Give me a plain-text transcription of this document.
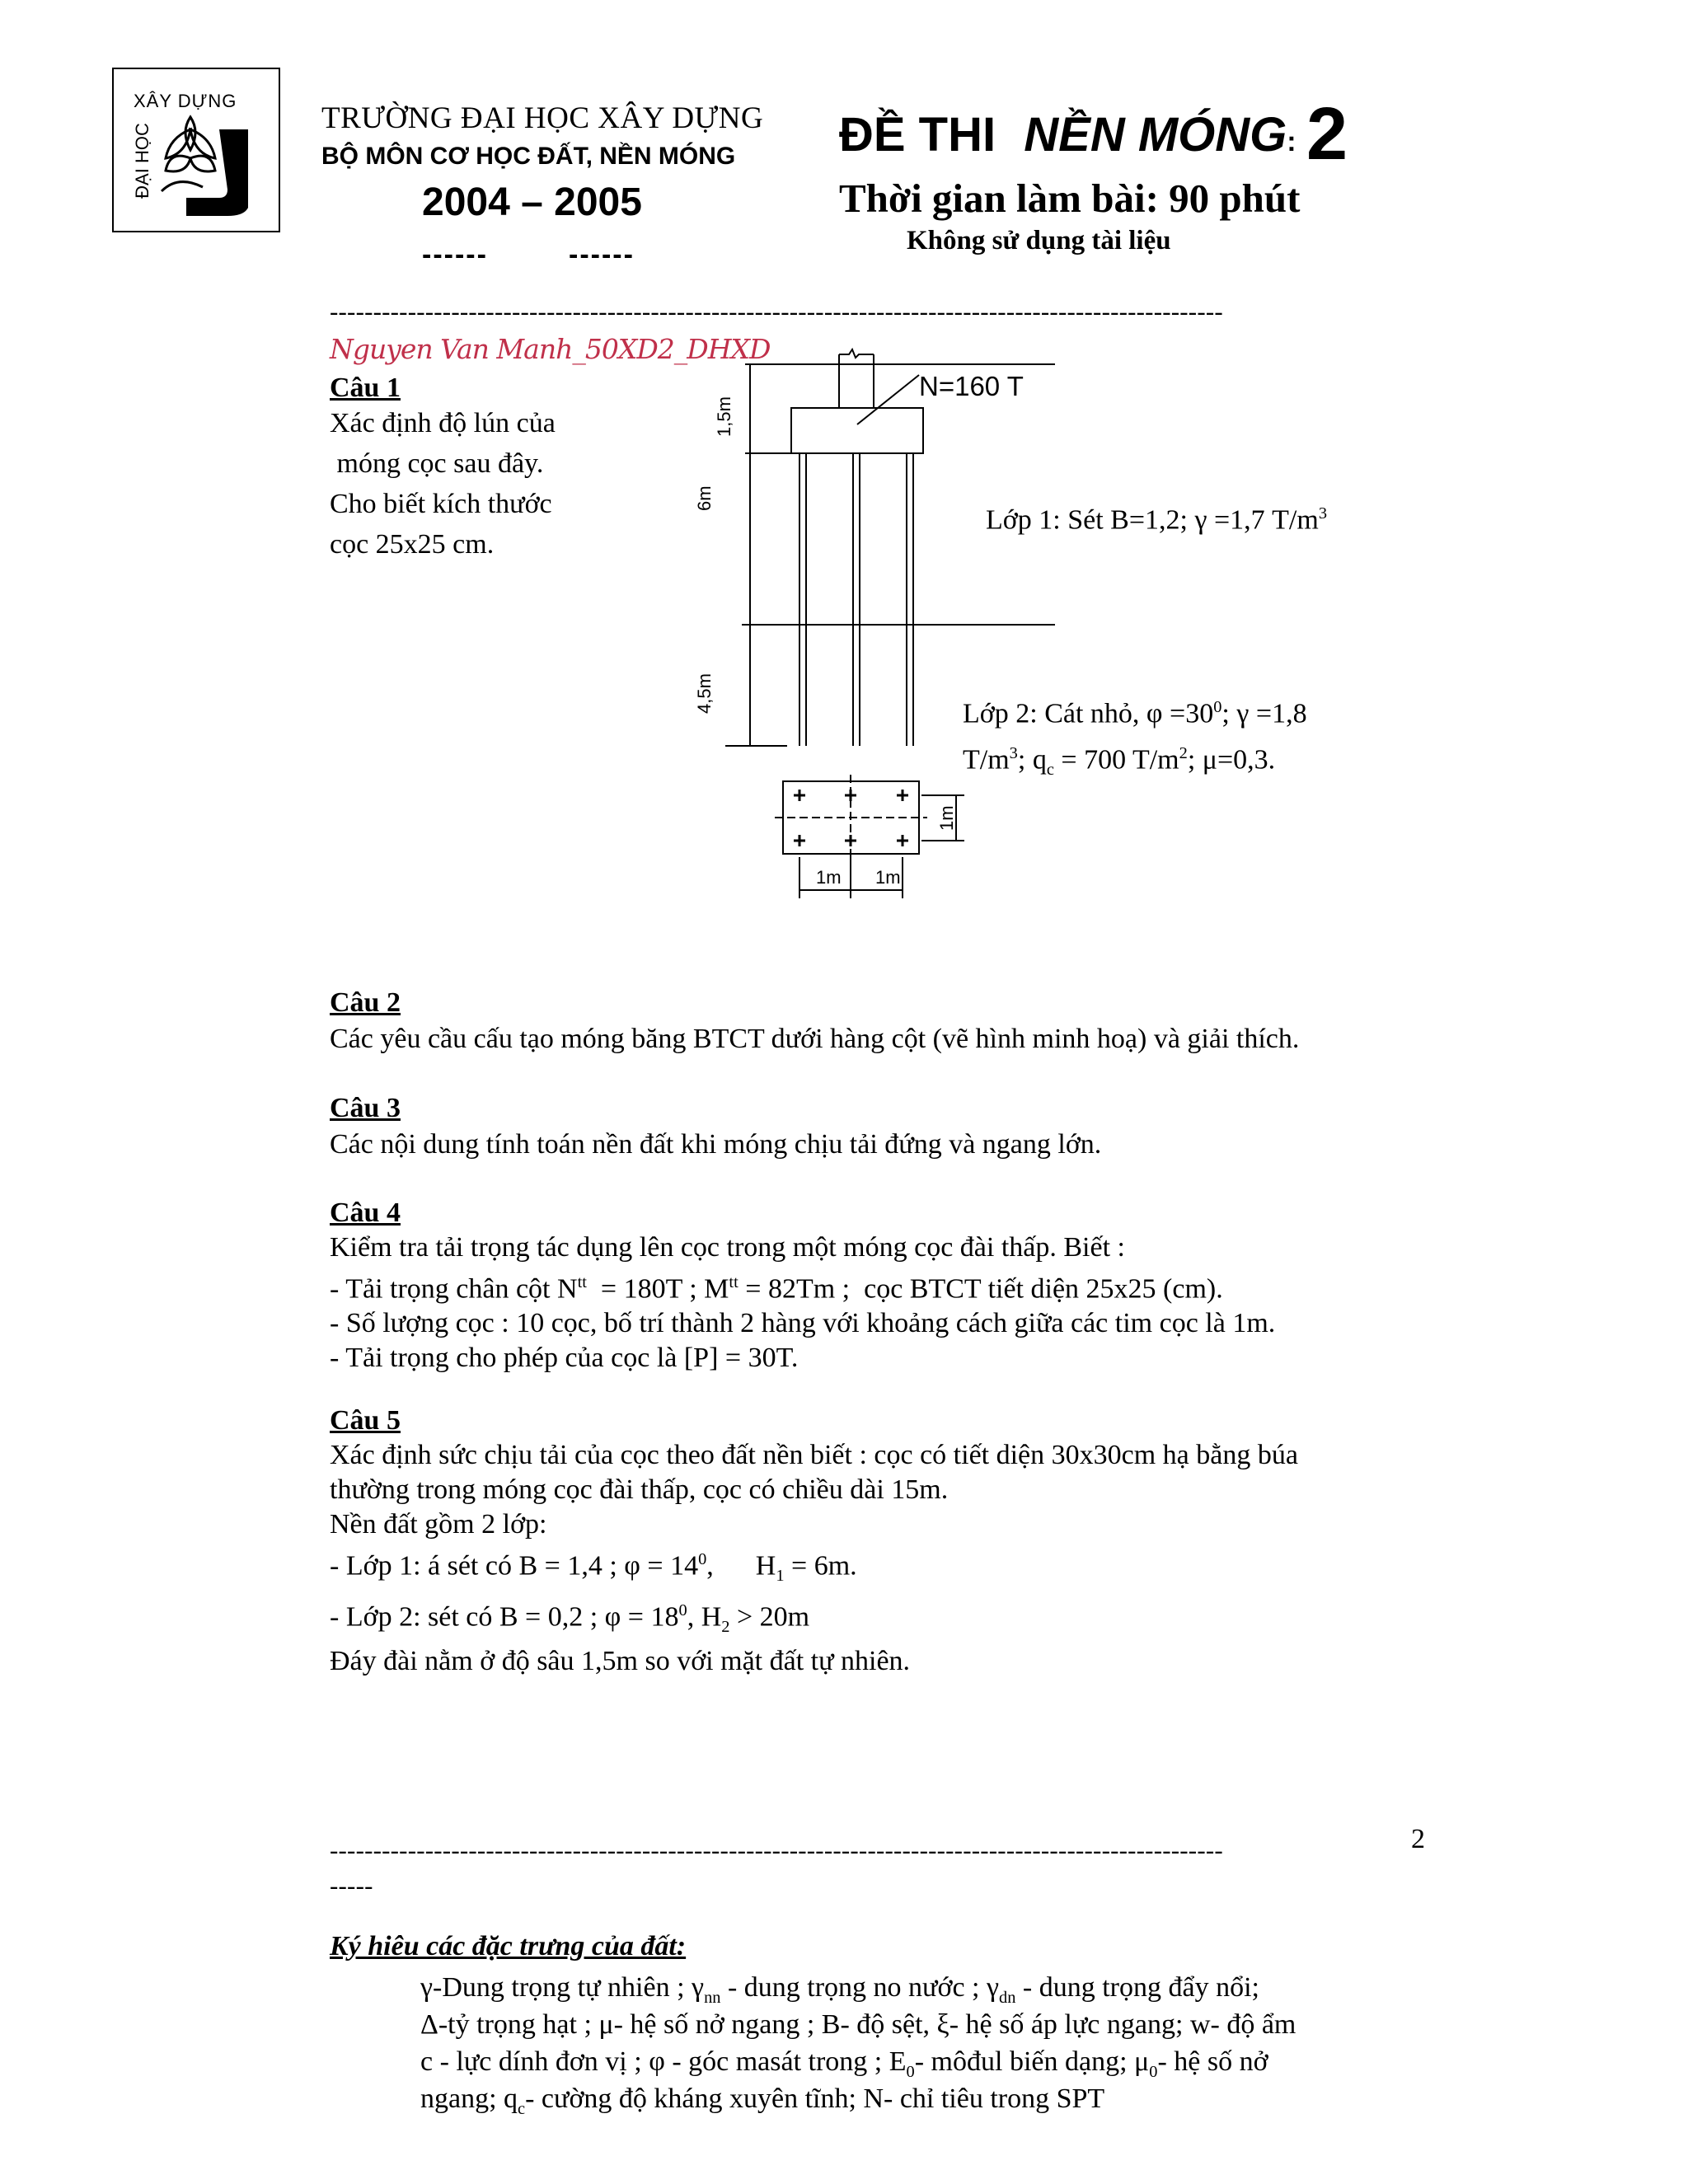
XÂY DỰNG
ĐẠI HỌC
TRƯỜNG ĐẠI HỌC XÂY DỰNG
BỘ MÔN CƠ HỌC ĐẤT, NỀN MÓNG
2004 – 2005
------	------
ĐỀ THI NỀN MÓNG: 2
Thời gian làm bài: 90 phút
Không sử dụng tài liệu
-------------------------------------------------------------------------------------------------------
Nguyen Van Manh_50XD2_DHXD
Câu 1
Xác định độ lún của
móng cọc sau đây.
Cho biết kích thước
cọc 25x25 cm.
N=160 T
1,5m
6m
4,5m
Lớp 1: Sét B=1,2; γ =1,7 $T/m^3$
Lớp 2: Cát nhỏ, $\varphi =30^0$; γ =1,8
$T/m^3$; $q_c = 700$ $T/m^2$; μ=0,3.
1m 1m
1m
Câu 2
Các yêu cầu cấu tạo móng băng BTCT dưới hàng cột (vẽ hình minh hoạ) và giải thích.
Câu 3
Các nội dung tính toán nền đất khi móng chịu tải đứng và ngang lớn.
Câu 4
Kiểm tra tải trọng tác dụng lên cọc trong một móng cọc đài thấp. Biết :
- Tải trọng chân cột $N^{tt} = 180T$ ; $M^{tt} = 82Tm$ ;  cọc BTCT tiết diện 25x25 (cm).
- Số lượng cọc : 10 cọc, bố trí thành 2 hàng với khoảng cách giữa các tim cọc là 1m.
- Tải trọng cho phép của cọc là [P] = 30T.
Câu 5
Xác định sức chịu tải của cọc theo đất nền biết : cọc có tiết diện 30x30cm hạ bằng búa
thường trong móng cọc đài thấp, cọc có chiều dài 15m.
Nền đất gồm 2 lớp:
- Lớp 1: á sét có B = 1,4 ; $\varphi = 14^0$,      $H_1 = 6m$.
- Lớp 2: sét có B = 0,2 ; $\varphi = 18^0$, $H_2 > 20m$
Đáy đài nằm ở độ sâu 1,5m so với mặt đất tự nhiên.
-------------------------------------------------------------------------------------------------------
-----
2
Ký hiêu các đặc trưng của đất:
γ-Dung trọng tự nhiên ; $\gamma_{nn}$ - dung trọng no nước ; $\gamma_{dn}$ - dung trọng đẩy nổi;
Δ-tỷ trọng hạt ; μ- hệ số nở ngang ; B- độ sệt, ξ- hệ số áp lực ngang; w- độ ẩm
c - lực dính đơn vị ; φ - góc masát trong ; $E_0-$ môđul biến dạng; $\mu_0-$ hệ số nở
ngang; $q_c-$ cường độ kháng xuyên tĩnh; N- chỉ tiêu trong SPT
